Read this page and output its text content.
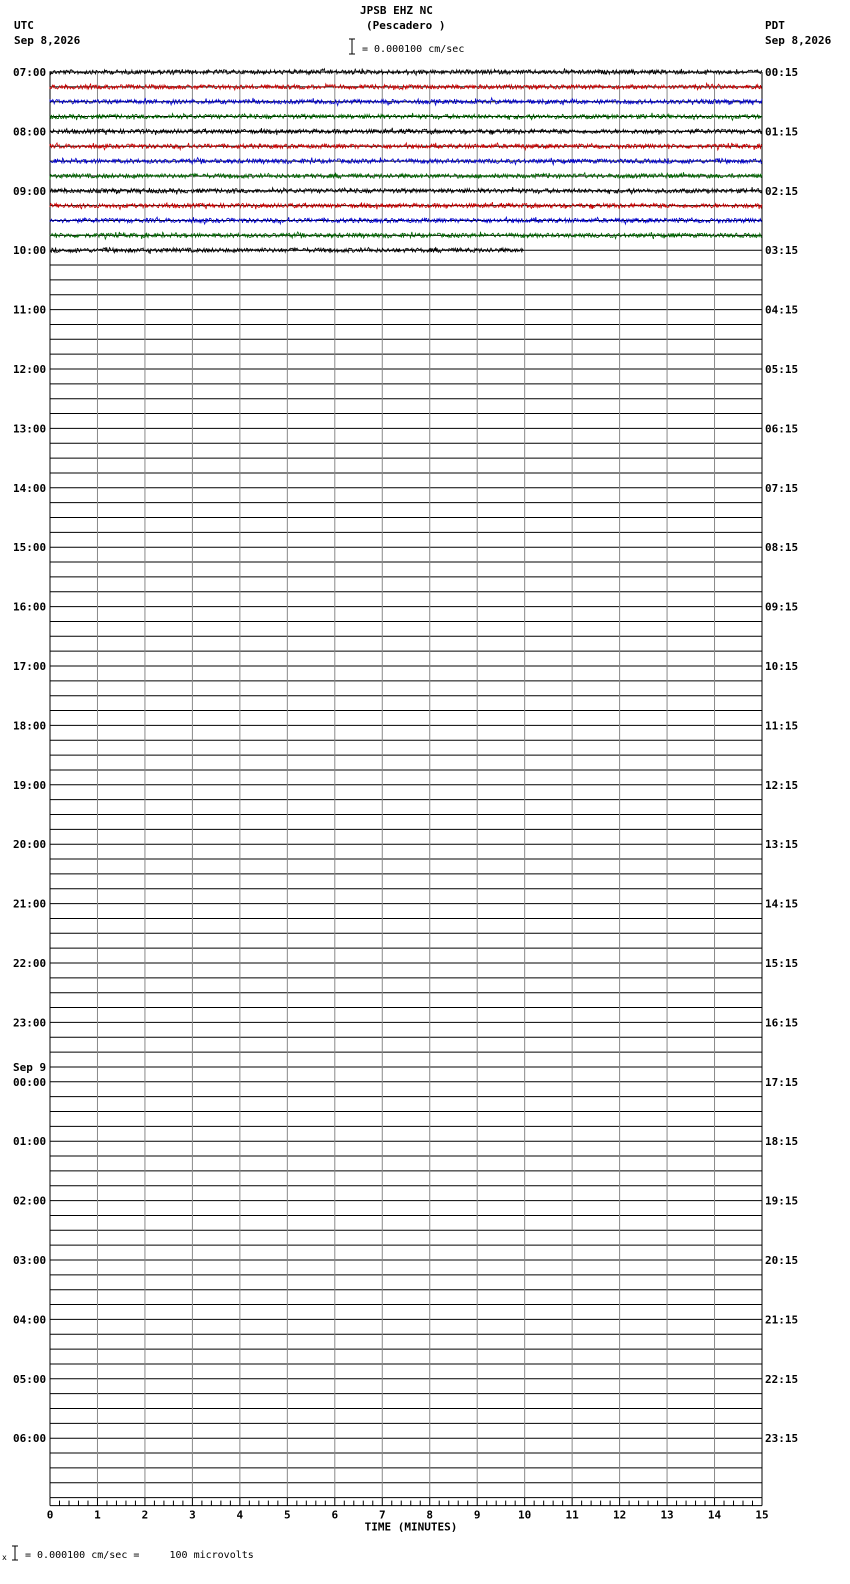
JPSB EHZ NC
(Pescadero )
UTC
Sep 8,2026
PDT
Sep 8,2026
= 0.000100 cm/sec
= 0.000100 cm/sec =     100 microvolts
x
0	1	2	3	4	5	6	7	8	9	10	11	12	13	14	15
TIME (MINUTES)
07:00
08:00
09:00
10:00
11:00
12:00
13:00
14:00
15:00
16:00
17:00
18:00
19:00
20:00
21:00
22:00
23:00
00:00
Sep 9
01:00
02:00
03:00
04:00
05:00
06:00
00:15
01:15
02:15
03:15
04:15
05:15
06:15
07:15
08:15
09:15
10:15
11:15
12:15
13:15
14:15
15:15
16:15
17:15
18:15
19:15
20:15
21:15
22:15
23:15
